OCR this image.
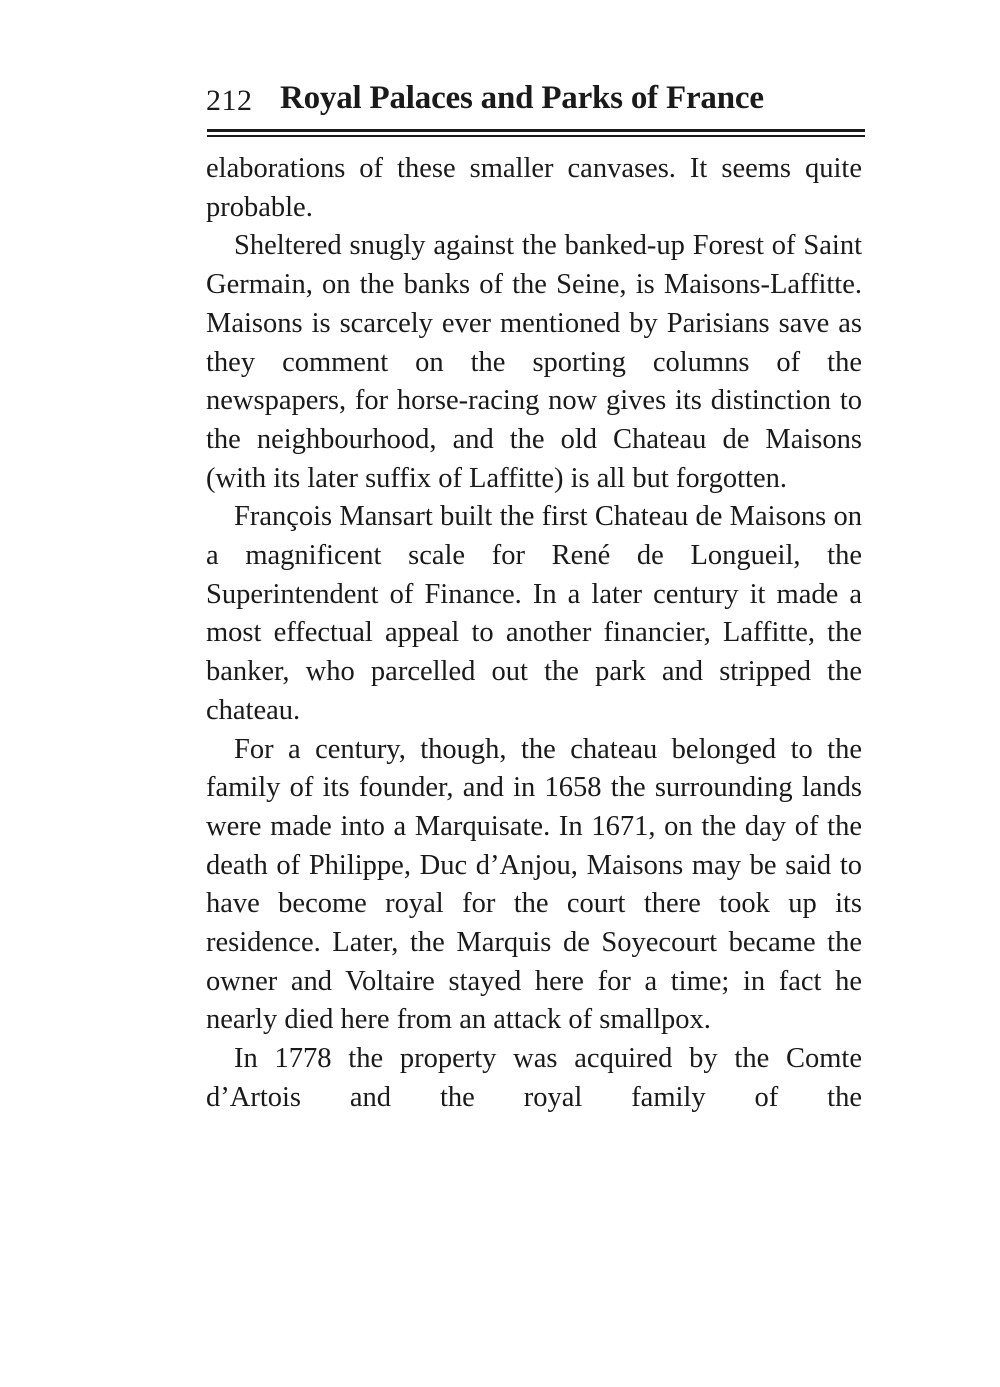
212 Royal Palaces and Parks of France

elaborations of these smaller canvases. It seems quite probable.

Sheltered snugly against the banked-up Forest of Saint Germain, on the banks of the Seine, is Maisons-Laffitte. Maisons is scarcely ever mentioned by Parisians save as they comment on the sporting columns of the newspapers, for horse-racing now gives its distinction to the neighbourhood, and the old Chateau de Maisons (with its later suffix of Laffitte) is all but forgotten.

François Mansart built the first Chateau de Maisons on a magnificent scale for René de Longueil, the Superintendent of Finance. In a later century it made a most effectual appeal to another financier, Laffitte, the banker, who parcelled out the park and stripped the chateau.

For a century, though, the chateau belonged to the family of its founder, and in 1658 the surrounding lands were made into a Marquisate. In 1671, on the day of the death of Philippe, Duc d’Anjou, Maisons may be said to have become royal for the court there took up its residence. Later, the Marquis de Soyecourt became the owner and Voltaire stayed here for a time; in fact he nearly died here from an attack of smallpox.

In 1778 the property was acquired by the Comte d’Artois and the royal family of the
